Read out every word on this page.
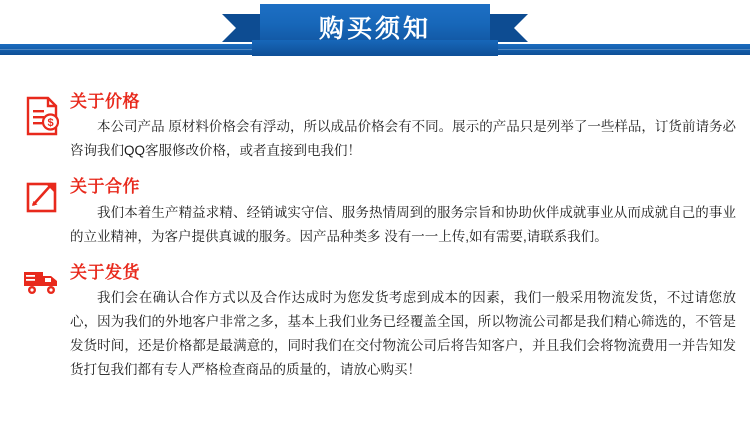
购买须知
$
关于价格

本公司产品 原材料价格会有浮动，所以成品价格会有不同。展示的产品只是列举了一些样品，订货前请务必咨询我们QQ客服修改价格，或者直接到电我们！

关于合作

我们本着生产精益求精、经销诚实守信、服务热情周到的服务宗旨和协助伙伴成就事业从而成就自己的事业的立业精神，为客户提供真诚的服务。因产品种类多 没有一一上传,如有需要,请联系我们。

关于发货

我们会在确认合作方式以及合作达成时为您发货考虑到成本的因素，我们一般采用物流发货，不过请您放心，因为我们的外地客户非常之多，基本上我们业务已经覆盖全国，所以物流公司都是我们精心筛选的，不管是发货时间，还是价格都是最满意的，同时我们在交付物流公司后将告知客户，并且我们会将物流费用一并告知发货打包我们都有专人严格检查商品的质量的，请放心购买！
